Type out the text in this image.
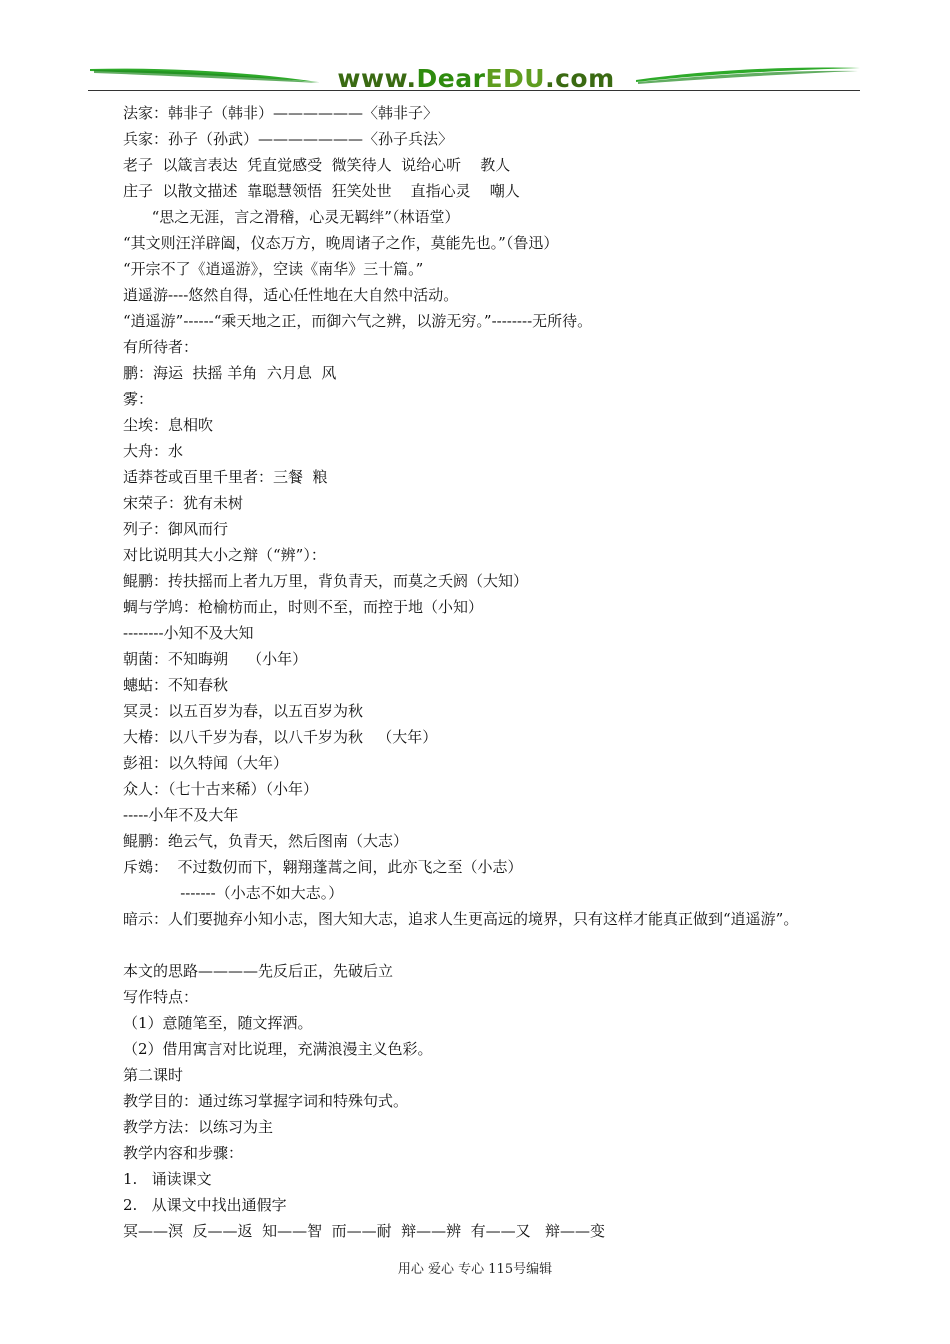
www.DearEDU.com
法家：韩非子（韩非）——————〈韩非子〉
兵家：孙子（孙武）———————〈孙子兵法〉
老子  以箴言表达  凭直觉感受  微笑待人  说给心听    教人
庄子  以散文描述  靠聪慧领悟  狂笑处世    直指心灵    嘲人
“思之无涯，言之滑稽，心灵无羁绊”（林语堂）
“其文则汪洋辟阖，仪态万方，晚周诸子之作，莫能先也。”（鲁迅）
“开宗不了《逍遥游》，空读《南华》三十篇。”
逍遥游----悠然自得，适心任性地在大自然中活动。
“逍遥游”------“乘天地之正，而御六气之辨，以游无穷。”--------无所待。
有所待者：
鹏：海运  扶摇 羊角  六月息  风
雾：
尘埃：息相吹
大舟：水
适莽苍或百里千里者：三餐  粮
宋荣子：犹有未树
列子：御风而行
对比说明其大小之辩（“辨”）：
鲲鹏：抟扶摇而上者九万里，背负青天，而莫之夭阏（大知）
蜩与学鸠：枪榆枋而止，时则不至，而控于地（小知）
--------小知不及大知
朝菌：不知晦朔    （小年）
蟪蛄：不知春秋
冥灵：以五百岁为春，以五百岁为秋
大椿：以八千岁为春，以八千岁为秋   （大年）
彭祖：以久特闻（大年）
众人：（七十古来稀）（小年）
-----小年不及大年
鲲鹏：绝云气，负青天，然后图南（大志）
斥鴳：  不过数仞而下，翱翔蓬蒿之间，此亦飞之至（小志）
-------（小志不如大志。）
暗示：人们要抛弃小知小志，图大知大志，追求人生更高远的境界，只有这样才能真正做到“逍遥游”。
本文的思路————先反后正，先破后立
写作特点：
（1）意随笔至，随文挥洒。
（2）借用寓言对比说理，充满浪漫主义色彩。
第二课时
教学目的：通过练习掌握字词和特殊句式。
教学方法：以练习为主
教学内容和步骤：
1.   诵读课文
2.   从课文中找出通假字
冥——溟  反——返  知——智  而——耐  辩——辨  有——又   辩——变
用心 爱心 专心 115号编辑
